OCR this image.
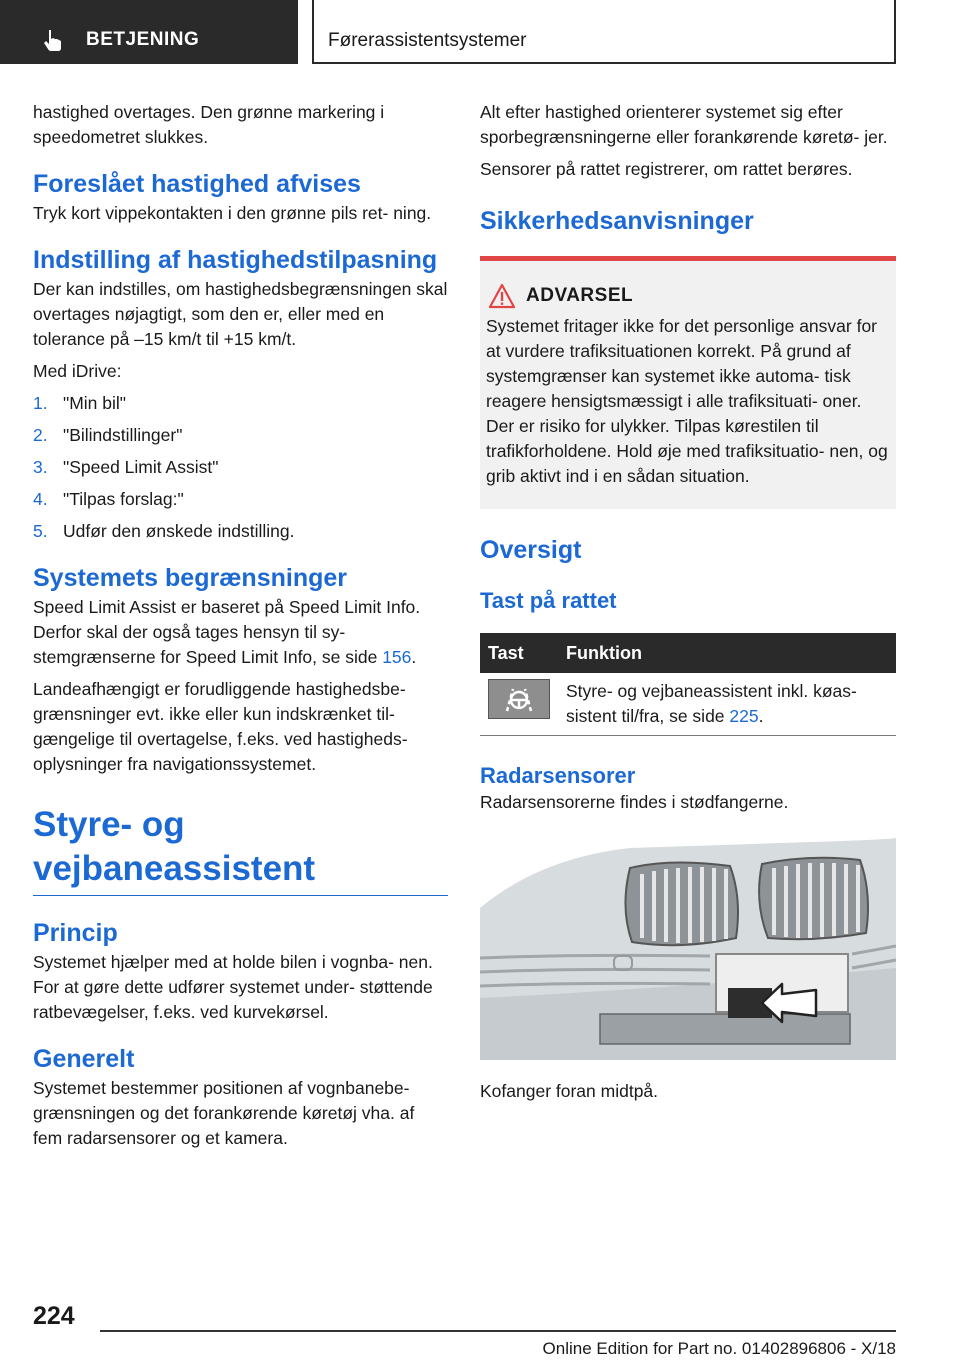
BETJENING	Førerassistentsystemer

hastighed overtages. Den grønne markering i speedometret slukkes.

Foreslået hastighed afvises

Tryk kort vippekontakten i den grønne pils ret‐ ning.

Indstilling af hastighedstilpasning

Der kan indstilles, om hastighedsbegrænsningen skal overtages nøjagtigt, som den er, eller med en tolerance på –15 km/t til +15 km/t.

Med iDrive:

1. "Min bil"
2. "Bilindstillinger"
3. "Speed Limit Assist"
4. "Tilpas forslag:"
5. Udfør den ønskede indstilling.
Systemets begrænsninger

Speed Limit Assist er baseret på Speed Limit Info. Derfor skal der også tages hensyn til sy‐ stemgrænserne for Speed Limit Info, se side 156.

Landeafhængigt er forudliggende hastighedsbe‐ grænsninger evt. ikke eller kun indskrænket til‐ gængelige til overtagelse, f.eks. ved hastigheds‐ oplysninger fra navigationssystemet.

Styre- og vejbaneassistent
Princip

Systemet hjælper med at holde bilen i vognba‐ nen. For at gøre dette udfører systemet under‐ støttende ratbevægelser, f.eks. ved kurvekørsel.

Generelt

Systemet bestemmer positionen af vognbanebe‐ grænsningen og det forankørende køretøj vha. af fem radarsensorer og et kamera.

Alt efter hastighed orienterer systemet sig efter sporbegrænsningerne eller forankørende køretø‐ jer.

Sensorer på rattet registrerer, om rattet berøres.

Sikkerhedsanvisninger
ADVARSEL

Systemet fritager ikke for det personlige ansvar for at vurdere trafiksituationen korrekt. På grund af systemgrænser kan systemet ikke automa‐ tisk reagere hensigtsmæssigt i alle trafiksituati‐ oner. Der er risiko for ulykker. Tilpas kørestilen til trafikforholdene. Hold øje med trafiksituatio‐ nen, og grib aktivt ind i en sådan situation.

Oversigt
Tast på rattet
Tast	Funktion

	Styre- og vejbaneassistent inkl. køas‐ sistent til/fra, se side 225.
Radarsensorer

Radarsensorerne findes i stødfangerne.

Kofanger foran midtpå.

224
Online Edition for Part no. 01402896806 - X/18
